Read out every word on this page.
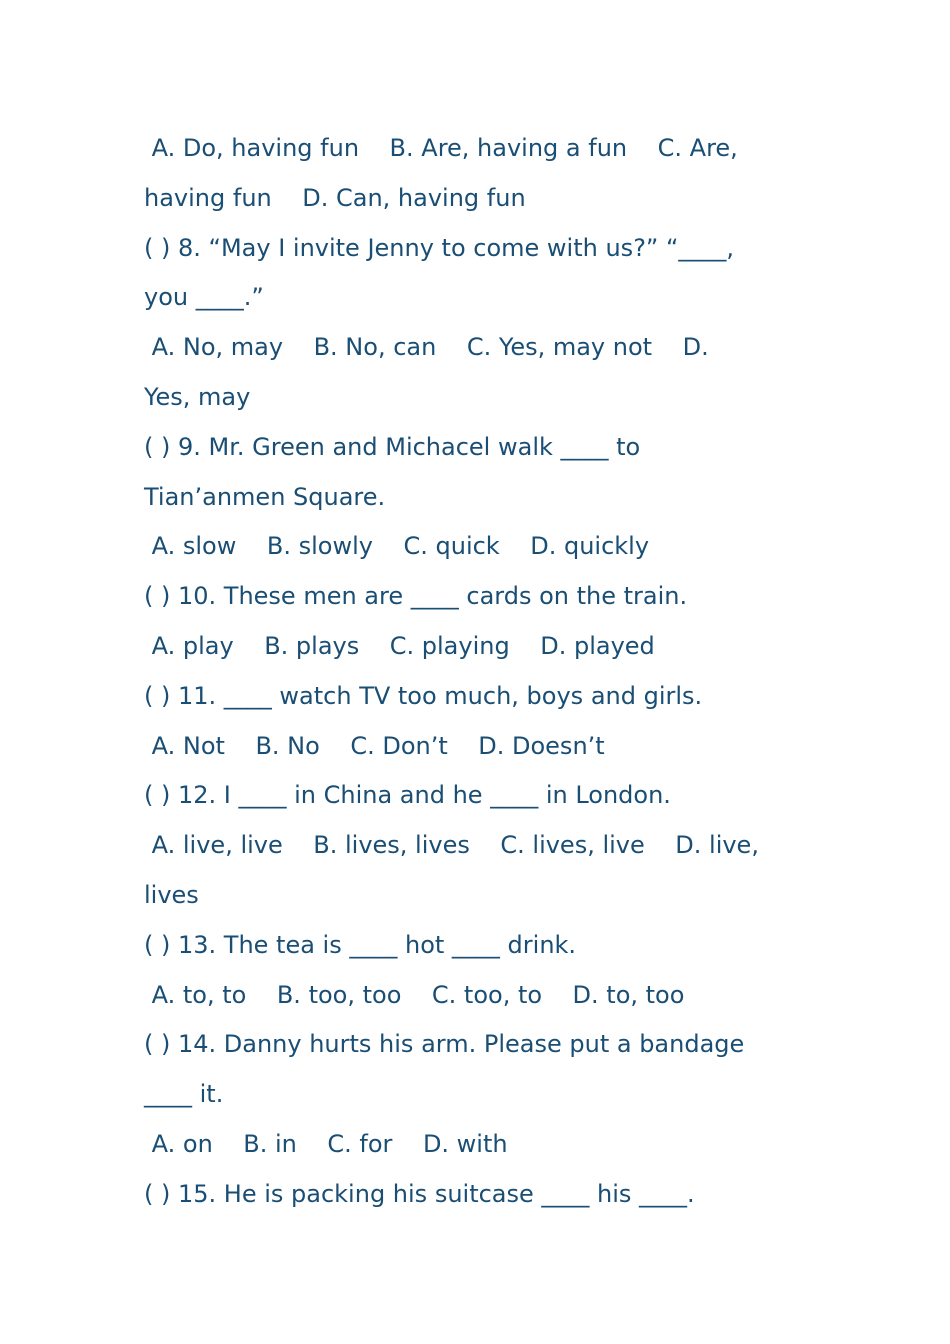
A. Do, having fun    B. Are, having a fun    C. Are,
having fun    D. Can, having fun
( ) 8. “May I invite Jenny to come with us?” “____,
you ____.”
A. No, may    B. No, can    C. Yes, may not    D.
Yes, may
( ) 9. Mr. Green and Michacel walk ____ to
Tian’anmen Square.
A. slow    B. slowly    C. quick    D. quickly
( ) 10. These men are ____ cards on the train.
A. play    B. plays    C. playing    D. played
( ) 11. ____ watch TV too much, boys and girls.
A. Not    B. No    C. Don’t    D. Doesn’t
( ) 12. I ____ in China and he ____ in London.
A. live, live    B. lives, lives    C. lives, live    D. live,
lives
( ) 13. The tea is ____ hot ____ drink.
A. to, to    B. too, too    C. too, to    D. to, too
( ) 14. Danny hurts his arm. Please put a bandage
____ it.
A. on    B. in    C. for    D. with
( ) 15. He is packing his suitcase ____ his ____.
